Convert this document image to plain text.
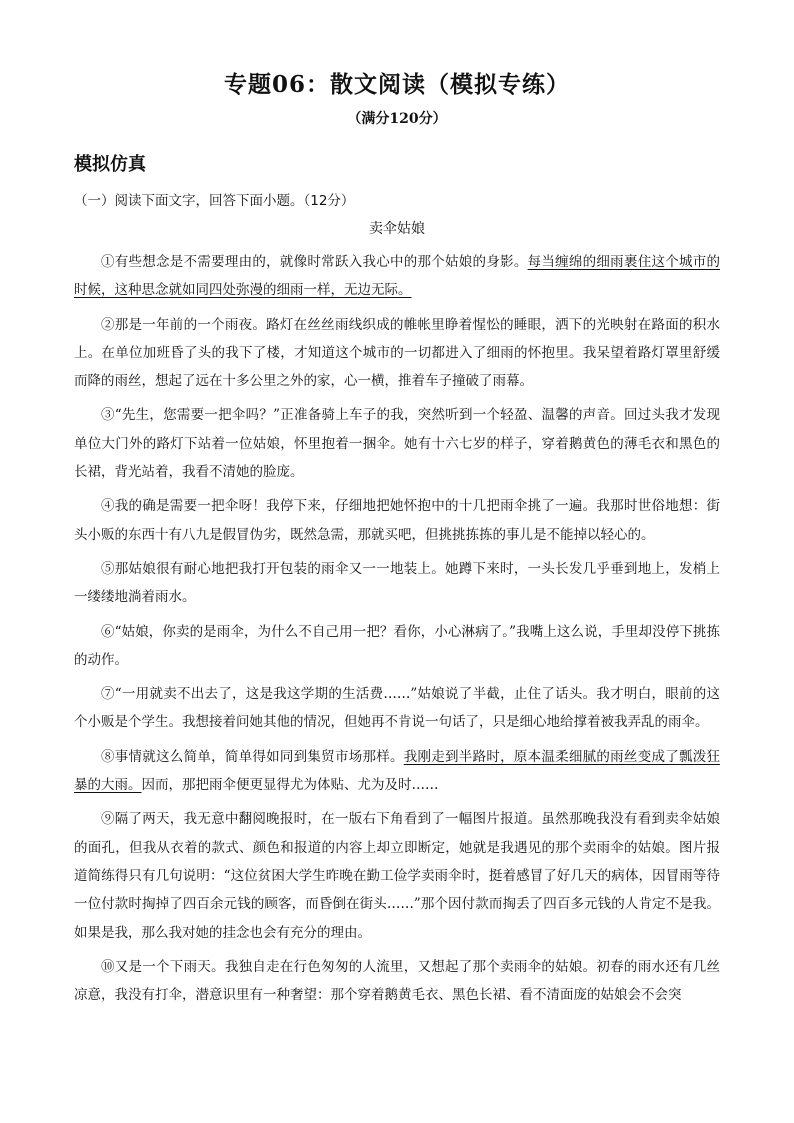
专题06：散文阅读（模拟专练）
（满分120分）
模拟仿真
（一）阅读下面文字，回答下面小题。（12分）
卖伞姑娘

①有些想念是不需要理由的，就像时常跃入我心中的那个姑娘的身影。每当缠绵的细雨裹住这个城市的时候，这种思念就如同四处弥漫的细雨一样，无边无际。

②那是一年前的一个雨夜。路灯在丝丝雨线织成的帷帐里睁着惺忪的睡眼，洒下的光映射在路面的积水上。在单位加班昏了头的我下了楼，才知道这个城市的一切都进入了细雨的怀抱里。我呆望着路灯罩里舒缓而降的雨丝，想起了远在十多公里之外的家，心一横，推着车子撞破了雨幕。

③“先生，您需要一把伞吗？”正准备骑上车子的我，突然听到一个轻盈、温馨的声音。回过头我才发现单位大门外的路灯下站着一位姑娘，怀里抱着一捆伞。她有十六七岁的样子，穿着鹅黄色的薄毛衣和黑色的长裙，背光站着，我看不清她的脸庞。

④我的确是需要一把伞呀！我停下来，仔细地把她怀抱中的十几把雨伞挑了一遍。我那时世俗地想：街头小贩的东西十有八九是假冒伪劣，既然急需，那就买吧，但挑挑拣拣的事儿是不能掉以轻心的。

⑤那姑娘很有耐心地把我打开包装的雨伞又一一地装上。她蹲下来时，一头长发几乎垂到地上，发梢上一缕缕地淌着雨水。

⑥“姑娘，你卖的是雨伞，为什么不自己用一把？看你，小心淋病了。”我嘴上这么说，手里却没停下挑拣的动作。

⑦“一用就卖不出去了，这是我这学期的生活费……”姑娘说了半截，止住了话头。我才明白，眼前的这个小贩是个学生。我想接着问她其他的情况，但她再不肯说一句话了，只是细心地给撑着被我弄乱的雨伞。

⑧事情就这么简单，简单得如同到集贸市场那样。我刚走到半路时，原本温柔细腻的雨丝变成了瓢泼狂暴的大雨。因而，那把雨伞便更显得尤为体贴、尤为及时……

⑨隔了两天，我无意中翻阅晚报时，在一版右下角看到了一幅图片报道。虽然那晚我没有看到卖伞姑娘的面孔，但我从衣着的款式、颜色和报道的内容上却立即断定，她就是我遇见的那个卖雨伞的姑娘。图片报道简练得只有几句说明：“这位贫困大学生昨晚在勤工俭学卖雨伞时，挺着感冒了好几天的病体，因冒雨等待一位付款时掏掉了四百余元钱的顾客，而昏倒在街头……”那个因付款而掏丢了四百多元钱的人肯定不是我。如果是我，那么我对她的挂念也会有充分的理由。

⑩又是一个下雨天。我独自走在行色匆匆的人流里，又想起了那个卖雨伞的姑娘。初春的雨水还有几丝凉意，我没有打伞，潜意识里有一种奢望：那个穿着鹅黄毛衣、黑色长裙、看不清面庞的姑娘会不会突
